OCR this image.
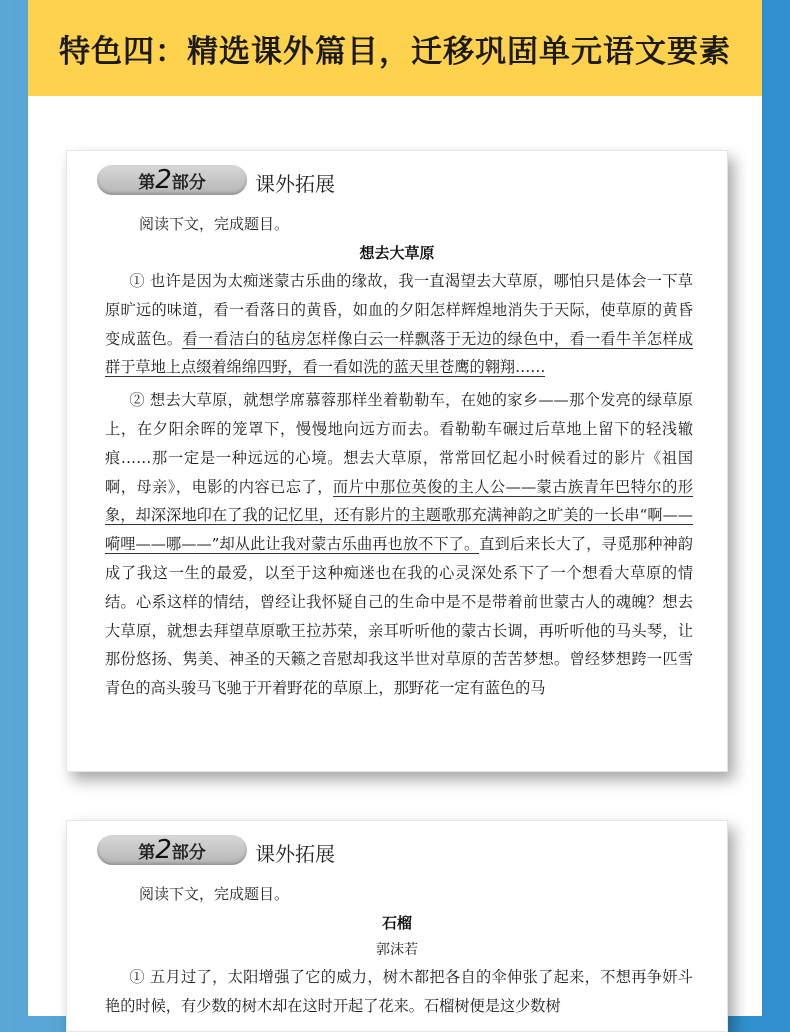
特色四：精选课外篇目，迁移巩固单元语文要素
第2部分	课外拓展
阅读下文，完成题目。
想去大草原
① 也许是因为太痴迷蒙古乐曲的缘故，我一直渴望去大草原，哪怕只是体会一下草原旷远的味道，看一看落日的黄昏，如血的夕阳怎样辉煌地消失于天际，使草原的黄昏变成蓝色。看一看洁白的毡房怎样像白云一样飘落于无边的绿色中，看一看牛羊怎样成群于草地上点缀着绵绵四野，看一看如洗的蓝天里苍鹰的翱翔……
② 想去大草原，就想学席慕蓉那样坐着勒勒车，在她的家乡——那个发亮的绿草原上，在夕阳余晖的笼罩下，慢慢地向远方而去。看勒勒车碾过后草地上留下的轻浅辙痕……那一定是一种远远的心境。想去大草原，常常回忆起小时候看过的影片《祖国啊，母亲》，电影的内容已忘了，而片中那位英俊的主人公——蒙古族青年巴特尔的形象，却深深地印在了我的记忆里，还有影片的主题歌那充满神韵之旷美的一长串“啊——嗬哩——哪——”却从此让我对蒙古乐曲再也放不下了。直到后来长大了，寻觅那种神韵成了我这一生的最爱，以至于这种痴迷也在我的心灵深处系下了一个想看大草原的情结。心系这样的情结，曾经让我怀疑自己的生命中是不是带着前世蒙古人的魂魄？想去大草原，就想去拜望草原歌王拉苏荣，亲耳听听他的蒙古长调，再听听他的马头琴，让那份悠扬、隽美、神圣的天籁之音慰却我这半世对草原的苦苦梦想。曾经梦想跨一匹雪青色的高头骏马飞驰于开着野花的草原上，那野花一定有蓝色的马
第2部分	课外拓展
阅读下文，完成题目。
石榴
郭沫若
① 五月过了，太阳增强了它的威力，树木都把各自的伞伸张了起来，不想再争妍斗艳的时候，有少数的树木却在这时开起了花来。石榴树便是这少数树
